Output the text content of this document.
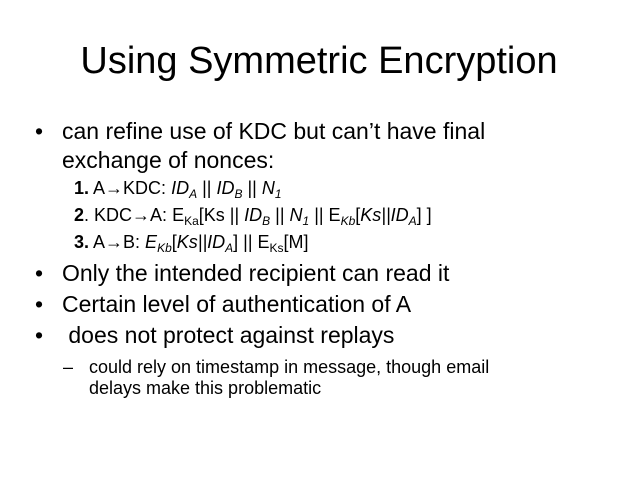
Using Symmetric Encryption
• can refine use of KDC but can’t have final
exchange of nonces:
1. A→KDC: $ID_A$ || $ID_B$ || $N_1$
2. KDC→A: $E_{Ka}[Ks$ || $ID_B$ || $N_1$ || $E_{Kb}[Ks||ID_A]$ ]
3. A→B: $E_{Kb}[Ks||ID_A]$ || $E_{Ks}[M]$
• Only the intended recipient can read it
• Certain level of authentication of A
• does not protect against replays
– could rely on timestamp in message, though email
delays make this problematic
